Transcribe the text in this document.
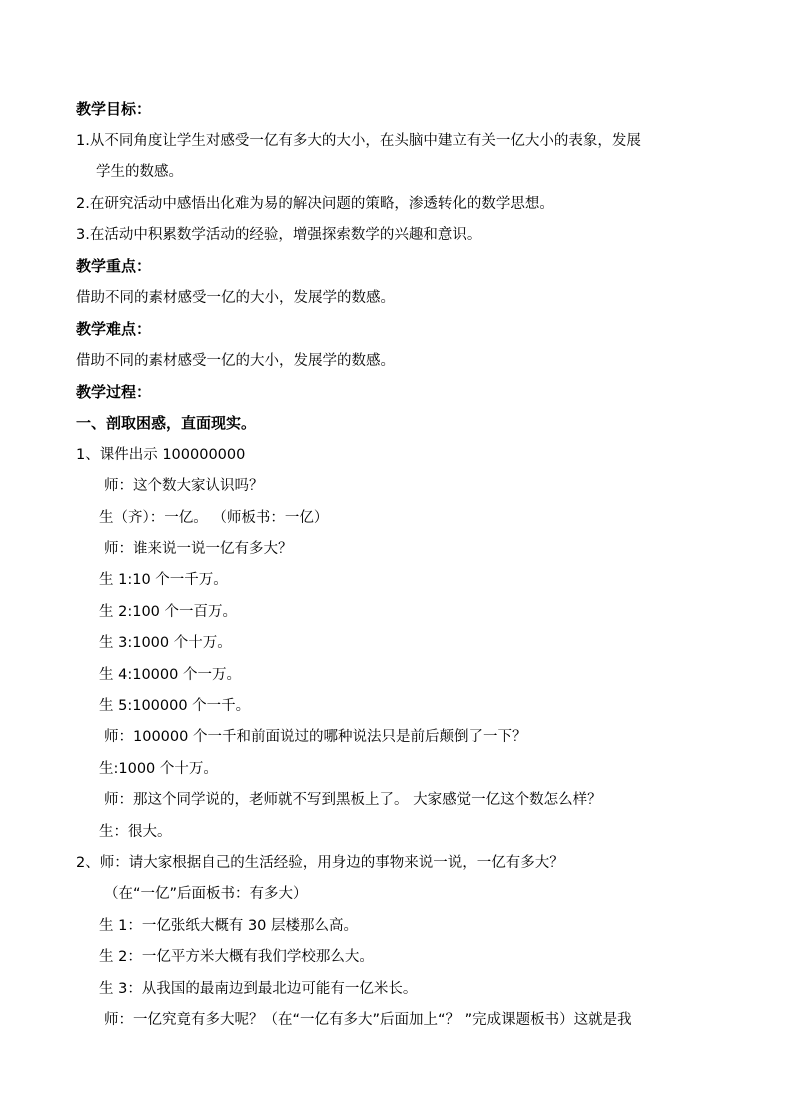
教学目标：
1.从不同角度让学生对感受一亿有多大的大小，在头脑中建立有关一亿大小的表象，发展
学生的数感。
2.在研究活动中感悟出化难为易的解决问题的策略，渗透转化的数学思想。
3.在活动中积累数学活动的经验，增强探索数学的兴趣和意识。
教学重点：
借助不同的素材感受一亿的大小，发展学的数感。
教学难点：
借助不同的素材感受一亿的大小，发展学的数感。
教学过程：
一、剖取困惑，直面现实。
1、课件出示 100000000
师：这个数大家认识吗？
生（齐）：一亿。 （师板书：一亿）
师：谁来说一说一亿有多大？
生 1:10 个一千万。
生 2:100 个一百万。
生 3:1000 个十万。
生 4:10000 个一万。
生 5:100000 个一千。
师：100000 个一千和前面说过的哪种说法只是前后颠倒了一下？
生:1000 个十万。
师：那这个同学说的，老师就不写到黑板上了。 大家感觉一亿这个数怎么样？
生：很大。
2、师：请大家根据自己的生活经验，用身边的事物来说一说，一亿有多大？
（在“一亿”后面板书：有多大）
生 1：一亿张纸大概有 30 层楼那么高。
生 2：一亿平方米大概有我们学校那么大。
生 3：从我国的最南边到最北边可能有一亿米长。
师：一亿究竟有多大呢？（在“一亿有多大”后面加上“？ ”完成课题板书）这就是我
